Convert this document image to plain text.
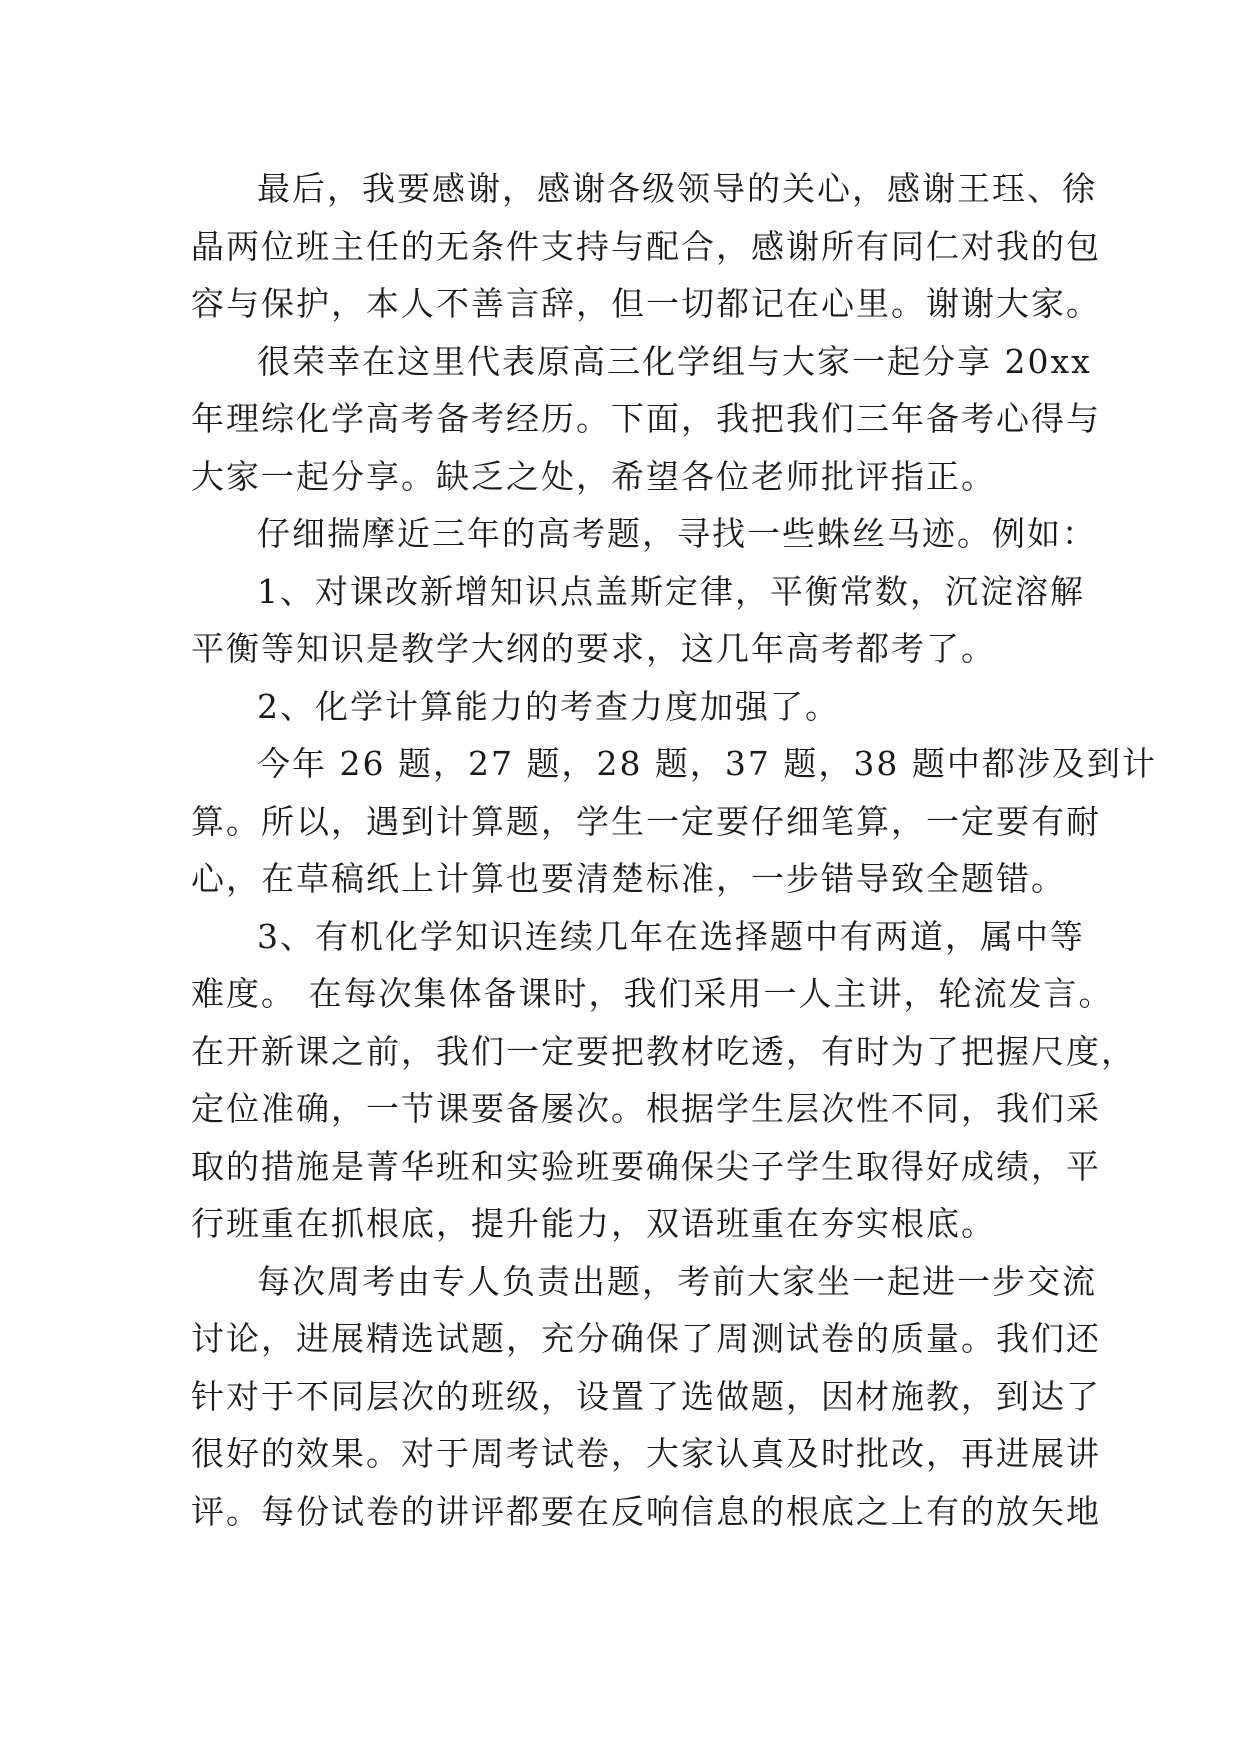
最后，我要感谢，感谢各级领导的关心，感谢王珏、徐
晶两位班主任的无条件支持与配合，感谢所有同仁对我的包
容与保护，本人不善言辞，但一切都记在心里。谢谢大家。
很荣幸在这里代表原高三化学组与大家一起分享 20xx
年理综化学高考备考经历。下面，我把我们三年备考心得与
大家一起分享。缺乏之处，希望各位老师批评指正。
仔细揣摩近三年的高考题，寻找一些蛛丝马迹。例如：
1、对课改新增知识点盖斯定律，平衡常数，沉淀溶解
平衡等知识是教学大纲的要求，这几年高考都考了。
2、化学计算能力的考查力度加强了。
今年 26 题，27 题，28 题，37 题，38 题中都涉及到计
算。所以，遇到计算题，学生一定要仔细笔算，一定要有耐
心，在草稿纸上计算也要清楚标准，一步错导致全题错。
3、有机化学知识连续几年在选择题中有两道，属中等
难度。 在每次集体备课时，我们采用一人主讲，轮流发言。
在开新课之前，我们一定要把教材吃透，有时为了把握尺度，
定位准确，一节课要备屡次。根据学生层次性不同，我们采
取的措施是菁华班和实验班要确保尖子学生取得好成绩，平
行班重在抓根底，提升能力，双语班重在夯实根底。
每次周考由专人负责出题，考前大家坐一起进一步交流
讨论，进展精选试题，充分确保了周测试卷的质量。我们还
针对于不同层次的班级，设置了选做题，因材施教，到达了
很好的效果。对于周考试卷，大家认真及时批改，再进展讲
评。每份试卷的讲评都要在反响信息的根底之上有的放矢地
